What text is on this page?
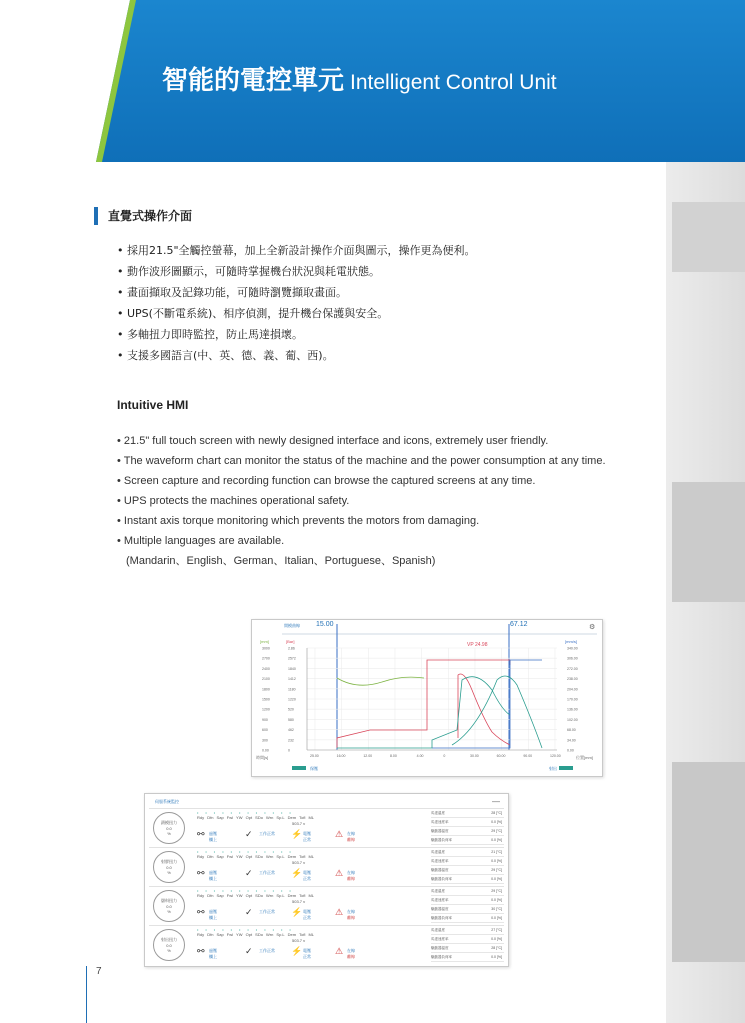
智能的電控單元 Intelligent Control Unit
直覺式操作介面
• 採用21.5"全觸控螢幕，加上全新設計操作介面與圖示，操作更為便利。
• 動作波形圖顯示，可隨時掌握機台狀況與耗電狀態。
• 畫面擷取及記錄功能，可隨時瀏覽擷取畫面。
• UPS(不斷電系統)、相序偵測，提升機台保護與安全。
• 多軸扭力即時監控，防止馬達損壞。
• 支援多國語言(中、英、德、義、葡、西)。
Intuitive HMI
• 21.5" full touch screen with newly designed interface and icons, extremely user friendly.
• The waveform chart can monitor the status of the machine and the power consumption at any time.
• Screen capture and recording function can browse the captured screens at any time.
• UPS protects the machines operational safety.
• Instant axis torque monitoring which prevents the motors from damaging.
• Multiple languages are available.
(Mandarin、English、German、Italian、Portuguese、Spanish)
開模曲線 15.00	67.12	⚙
[mm]	[Bar]	[mm/s]
VP 24.98
3000	2.86	340.00
2700	2572	306.00
2400	1840	272.00
2100	1412	238.00
1800	1180	204.00
1500	1220	170.00
1200	520	136.00
900	580	102.00
600	462	68.00
300	232	34.00
0.00	0	0.00
25.00	16.00	12.00	8.00	4.00	0	30.00	60.00	90.00	120.00
時間[s]	位置[mm]
保壓	射出
伺服系統監控	—
鎖模扭力
0.0
%
••••••••••••
Rdy Dfn Sap Fwl YW Opt SDo Wrn Sp.L Dem Tofl ML
⚯ 過壓
欄上
✓ 工作正常
503.7 v
⚡ 電壓
正常
⚠ 在線
離線
馬達溫度	28 [°C]
馬達速度率	0.0 [%]
驅動器溫度	29 [°C]
驅動器負荷率	0.0 [%]
射膠扭力
0.0
%
••••••••••••
Rdy Dfn Sap Fwl YW Opt SDo Wrn Sp.L Dem Tofl ML
⚯ 過壓
欄上
✓ 工作正常
503.7 v
⚡ 電壓
正常
⚠ 在線
離線
馬達溫度	21 [°C]
馬達速度率	0.0 [%]
驅動器溫度	29 [°C]
驅動器負荷率	0.0 [%]
儲料扭力
0.0
%
••••••••••••
Rdy Dfn Sap Fwl YW Opt SDo Wrn Sp.L Dem Tofl ML
⚯ 過壓
欄上
✓ 工作正常
503.7 v
⚡ 電壓
正常
⚠ 在線
離線
馬達溫度	29 [°C]
馬達速度率	0.0 [%]
驅動器溫度	30 [°C]
驅動器負荷率	0.0 [%]
射出扭力
0.0
%
••••••••••••
Rdy Dfn Sap Fwl YW Opt SDo Wrn Sp.L Dem Tofl ML
⚯ 過壓
欄上
✓ 工作正常
503.7 v
⚡ 電壓
正常
⚠ 在線
離線
馬達溫度	27 [°C]
馬達速度率	0.0 [%]
驅動器溫度	28 [°C]
驅動器負荷率	0.0 [%]
7
